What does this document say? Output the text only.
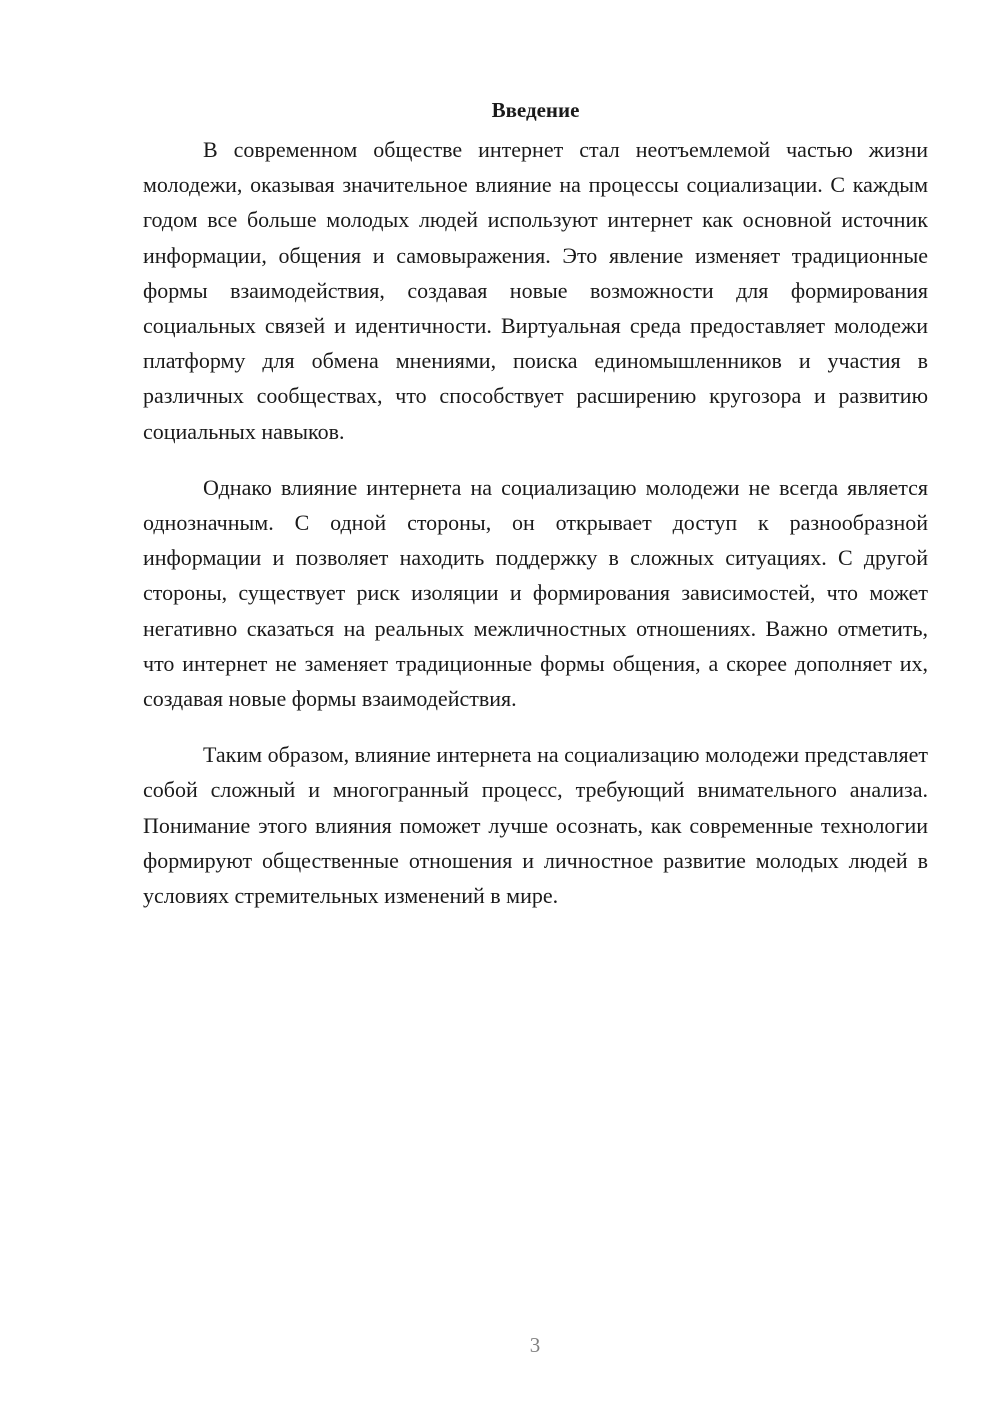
Введение

В современном обществе интернет стал неотъемлемой частью жизни молодежи, оказывая значительное влияние на процессы социализации. С каждым годом все больше молодых людей используют интернет как основной источник информации, общения и самовыражения. Это явление изменяет традиционные формы взаимодействия, создавая новые возможности для формирования социальных связей и идентичности. Виртуальная среда предоставляет молодежи платформу для обмена мнениями, поиска единомышленников и участия в различных сообществах, что способствует расширению кругозора и развитию социальных навыков.

Однако влияние интернета на социализацию молодежи не всегда является однозначным. С одной стороны, он открывает доступ к разнообразной информации и позволяет находить поддержку в сложных ситуациях. С другой стороны, существует риск изоляции и формирования зависимостей, что может негативно сказаться на реальных межличностных отношениях. Важно отметить, что интернет не заменяет традиционные формы общения, а скорее дополняет их, создавая новые формы взаимодействия.

Таким образом, влияние интернета на социализацию молодежи представляет собой сложный и многогранный процесс, требующий внимательного анализа. Понимание этого влияния поможет лучше осознать, как современные технологии формируют общественные отношения и личностное развитие молодых людей в условиях стремительных изменений в мире.

3
